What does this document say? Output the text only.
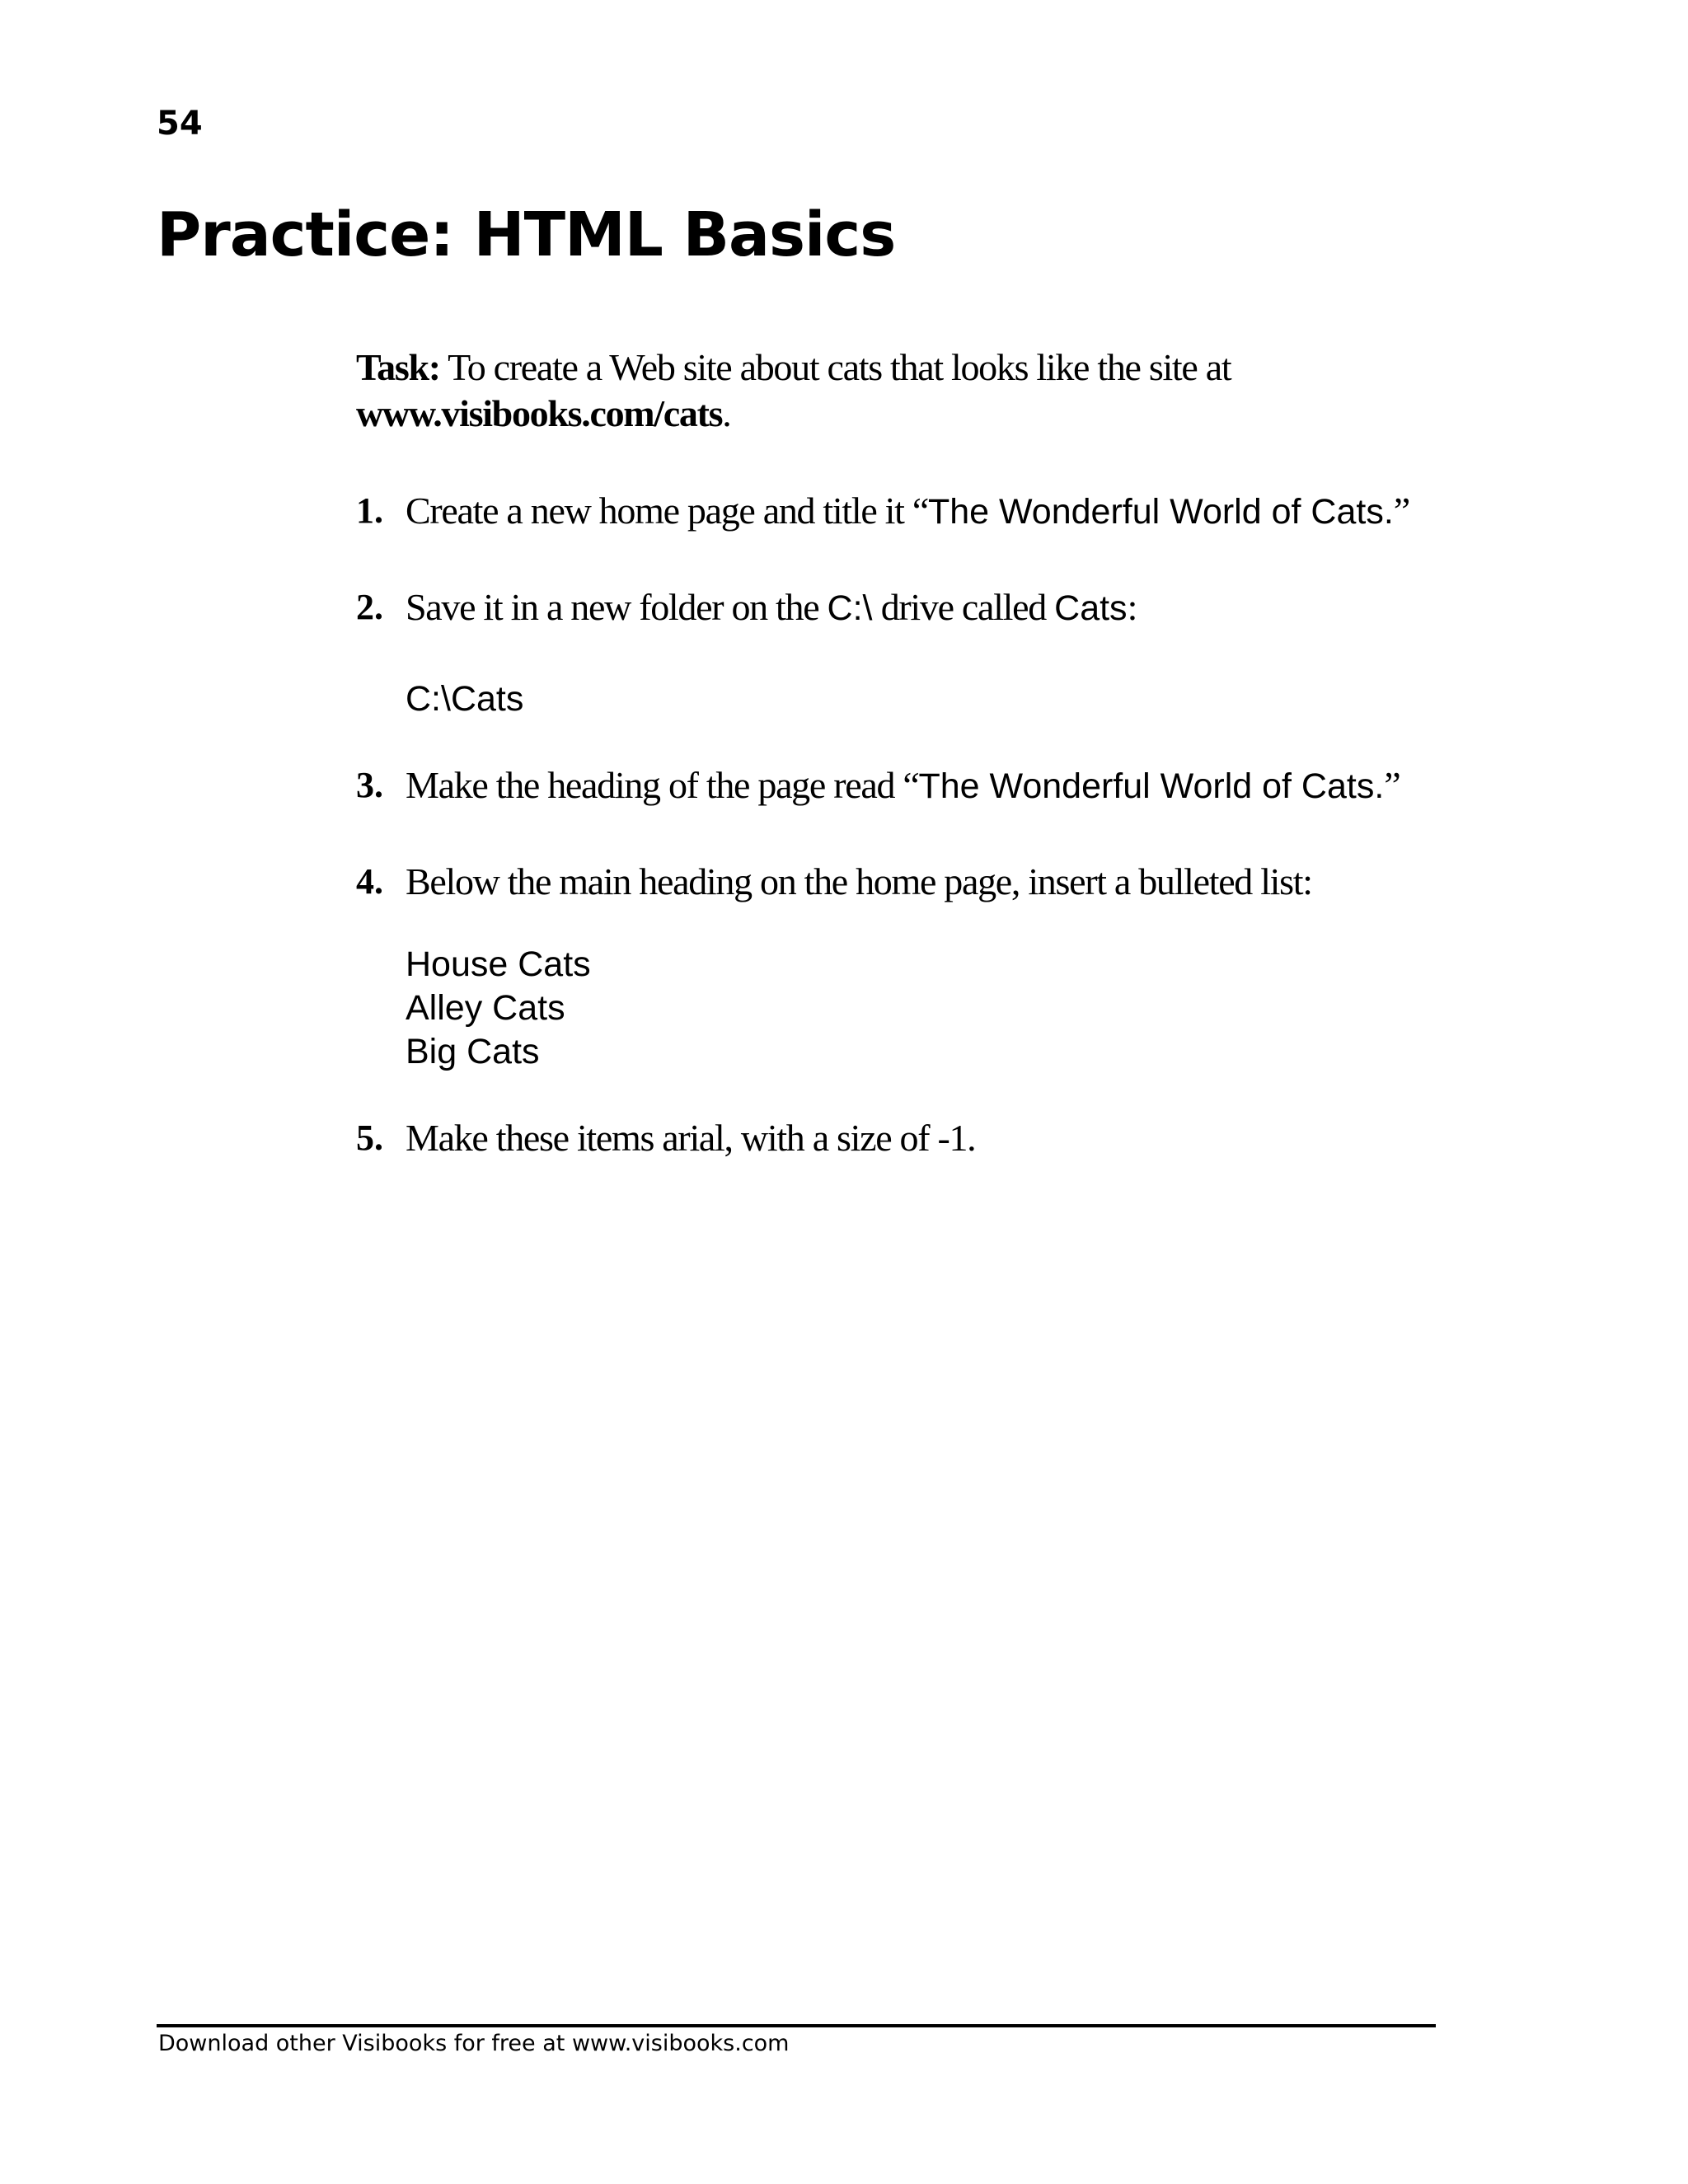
54
Practice: HTML Basics

Task: To create a Web site about cats that looks like the site at
www.visibooks.com/cats.

1. Create a new home page and title it “The Wonderful World of Cats.”
2. Save it in a new folder on the C:\ drive called Cats:
C:\Cats
3. Make the heading of the page read “The Wonderful World of Cats.”
4. Below the main heading on the home page, insert a bulleted list:
House Cats
Alley Cats
Big Cats
5. Make these items arial, with a size of -1.
Download other Visibooks for free at www.visibooks.com
